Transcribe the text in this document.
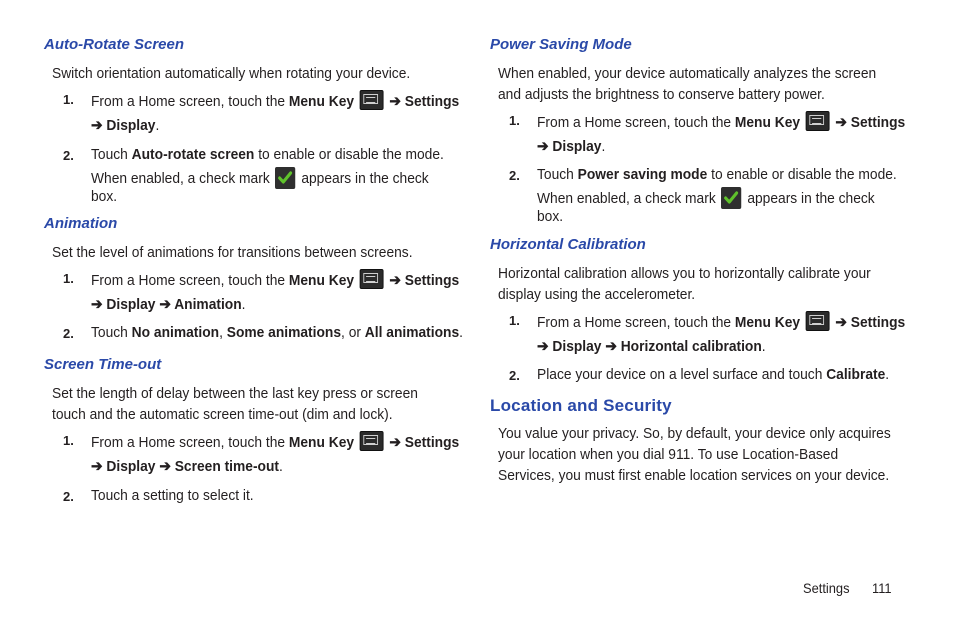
Auto-Rotate Screen
Switch orientation automatically when rotating your device.
1. From a Home screen, touch the Menu Key ➔ Settings
➔ Display.
2. Touch Auto-rotate screen to enable or disable the mode.
When enabled, a check mark appears in the check
box.
Animation
Set the level of animations for transitions between screens.
1. From a Home screen, touch the Menu Key ➔ Settings
➔ Display ➔ Animation.
2. Touch No animation, Some animations, or All animations.
Screen Time-out
Set the length of delay between the last key press or screen
touch and the automatic screen time-out (dim and lock).
1. From a Home screen, touch the Menu Key ➔ Settings
➔ Display ➔ Screen time-out.
2. Touch a setting to select it.
Power Saving Mode
When enabled, your device automatically analyzes the screen
and adjusts the brightness to conserve battery power.
1. From a Home screen, touch the Menu Key ➔ Settings
➔ Display.
2. Touch Power saving mode to enable or disable the mode.
When enabled, a check mark appears in the check
box.
Horizontal Calibration
Horizontal calibration allows you to horizontally calibrate your
display using the accelerometer.
1. From a Home screen, touch the Menu Key ➔ Settings
➔ Display ➔ Horizontal calibration.
2. Place your device on a level surface and touch Calibrate.
Location and Security
You value your privacy. So, by default, your device only acquires
your location when you dial 911. To use Location-Based
Services, you must first enable location services on your device.
Settings 111
